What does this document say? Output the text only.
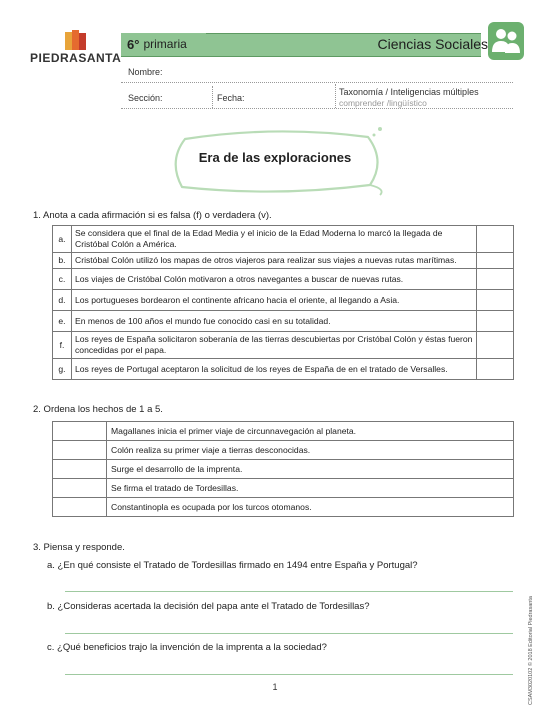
PIEDRASANTA
6° primaria	Ciencias Sociales
Nombre:
Sección:	Fecha:
Taxonomía / Inteligencias múltiples
comprender /lingüístico
Era de las exploraciones
1. Anota a cada afirmación si es falsa (f) o verdadera (v).
a.	Se considera que el final de la Edad Media y el inicio de la Edad Moderna lo marcó la llegada de Cristóbal Colón a América.	
b.	Cristóbal Colón utilizó los mapas de otros viajeros para realizar sus viajes a nuevas rutas marítimas.	
c.	Los viajes de Cristóbal Colón motivaron a otros navegantes a buscar de nuevas rutas.	
d.	Los portugueses bordearon el continente africano hacia el oriente, al llegando a Asia.	
e.	En menos de 100 años el mundo fue conocido casi en su totalidad.	
f.	Los reyes de España solicitaron soberanía de las tierras descubiertas por Cristóbal Colón y éstas fueron concedidas por el papa.	
g.	Los reyes de Portugal aceptaron la solicitud de los reyes de España de en el tratado de Versalles.	
2. Ordena los hechos de 1 a 5.
	Magallanes inicia el primer viaje de circunnavegación al planeta.
	Colón realiza su primer viaje a tierras desconocidas.
	Surge el desarrollo de la imprenta.
	Se firma el tratado de Tordesillas.
	Constantinopla es ocupada por los turcos otomanos.
3. Piensa y responde.
a. ¿En qué consiste el Tratado de Tordesillas firmado en 1494 entre España y Portugal?
b. ¿Consideras acertada la decisión del papa ante el Tratado de Tordesillas?
c. ¿Qué beneficios trajo la invención de la imprenta a la sociedad?	CSAM3020102 © 2018 Editorial Piedrasanta
1
